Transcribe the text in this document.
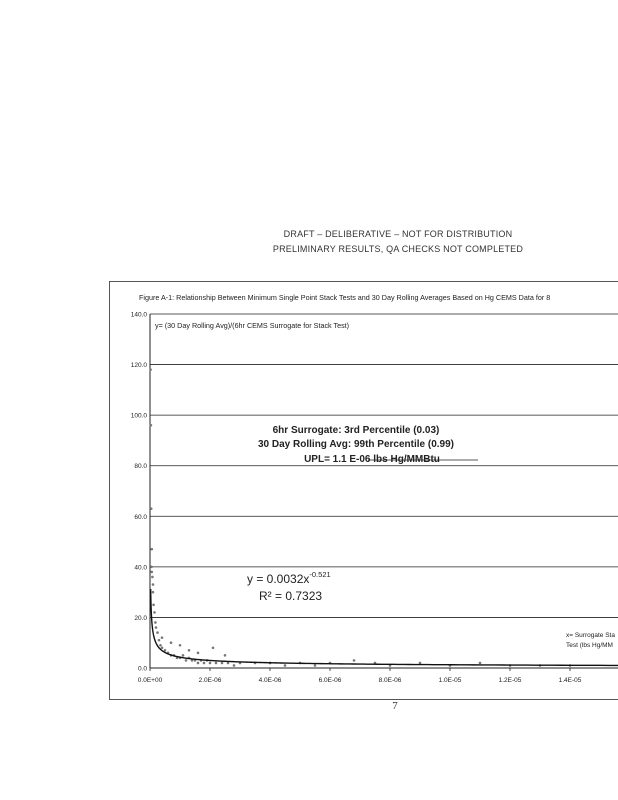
DRAFT – DELIBERATIVE – NOT FOR DISTRIBUTION
PRELIMINARY RESULTS, QA CHECKS NOT COMPLETED
Figure A-1: Relationship Between Minimum Single Point Stack Tests and 30 Day Rolling Averages Based on Hg CEMS Data for 8
0.0
20.0
40.0
60.0
80.0
100.0
120.0
140.0
0.0E+00	2.0E-06	4.0E-06	6.0E-06	8.0E-06	1.0E-05	1.2E-05	1.4E-05
y= (30 Day Rolling Avg)/(6hr CEMS Surrogate for Stack Test)
6hr Surrogate: 3rd Percentile (0.03)
30 Day Rolling Avg: 99th Percentile (0.99)
UPL= 1.1 E-06 lbs Hg/MMBtu
$y = 0.0032x^{-0.521}$
R² = 0.7323
x= Surrogate Sta
Test (lbs Hg/MM
7
